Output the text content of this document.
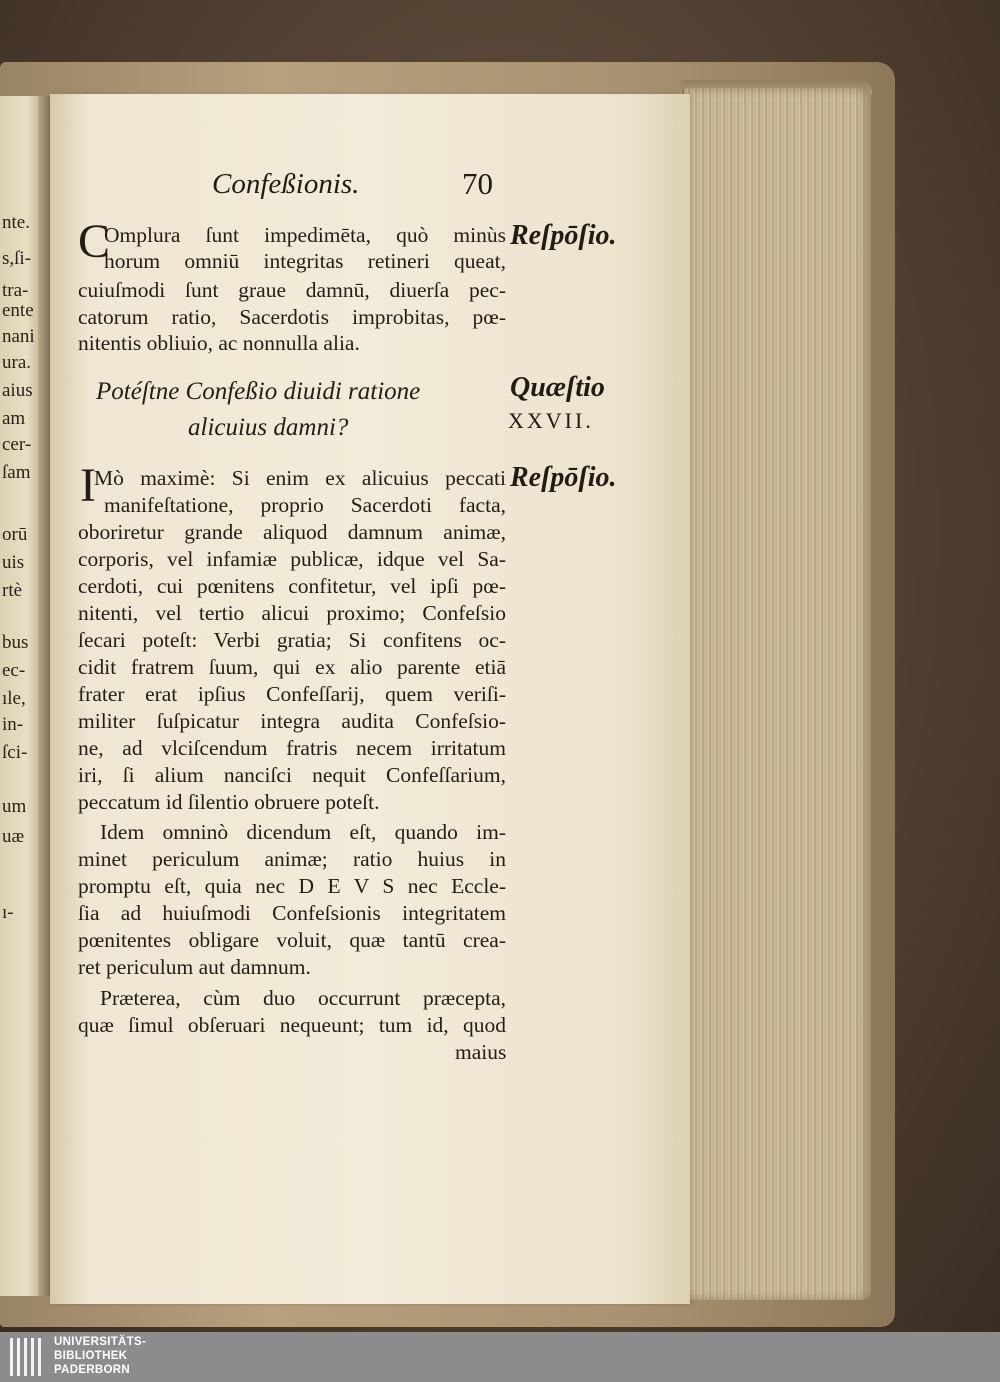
nte.
s,ſi-
tra-
ente
nani
ura.
aius
am
cer-
ſam
orū
uis
rtè
bus
ec-
ıle,
in-
ſci-
um
uæ
ı-
Confeßionis.	70
C
Omplura ſunt impedimēta, quò minùs
horum omniū integritas retineri queat,
cuiuſmodi ſunt graue damnū, diuerſa pec-
catorum ratio, Sacerdotis improbitas, pœ-
nitentis obliuio, ac nonnulla alia.
Reſpōſio.
Potéſtne Confeßio diuidi ratione
alicuius damni?
Quæſtio
XXVII.
I
Mò maximè: Si enim ex alicuius peccati
manifeſtatione, proprio Sacerdoti facta,
oboriretur grande aliquod damnum animæ,
corporis, vel infamiæ publicæ, idque vel Sa-
cerdoti, cui pœnitens confitetur, vel ipſi pœ-
nitenti, vel tertio alicui proximo; Confeſsio
ſecari poteſt: Verbi gratia; Si confitens oc-
cidit fratrem ſuum, qui ex alio parente etiā
frater erat ipſius Confeſſarij, quem veriſi-
militer ſuſpicatur integra audita Confeſsio-
ne, ad vlciſcendum fratris necem irritatum
iri, ſi alium nanciſci nequit Confeſſarium,
peccatum id ſilentio obruere poteſt.
Reſpōſio.
Idem omninò dicendum eſt, quando im-
minet periculum animæ; ratio huius in
promptu eſt, quia nec D E V S nec Eccle-
ſia ad huiuſmodi Confeſsionis integritatem
pœnitentes obligare voluit, quæ tantū crea-
ret periculum aut damnum.
Præterea, cùm duo occurrunt præcepta,
quæ ſimul obſeruari nequeunt; tum id, quod
maius
UNIVERSITÄTS-
BIBLIOTHEK
PADERBORN
